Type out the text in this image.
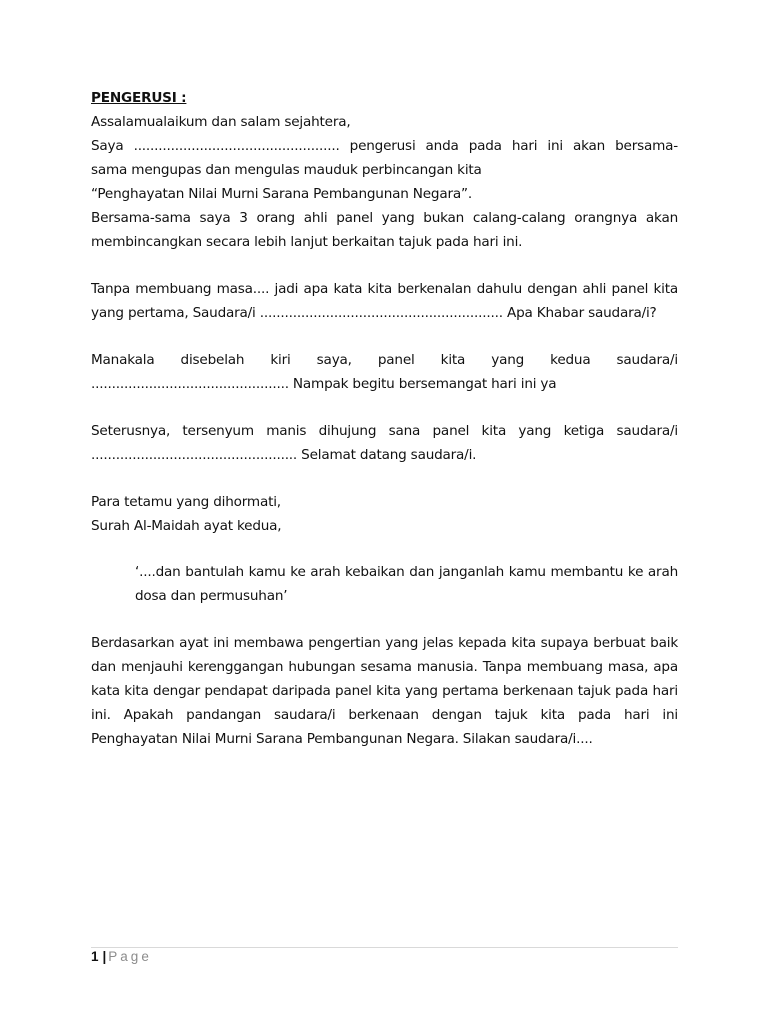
PENGERUSI :

Assalamualaikum dan salam sejahtera,
Saya .................................................. pengerusi anda pada hari ini akan bersama-
sama mengupas dan mengulas mauduk perbincangan kita
“Penghayatan Nilai Murni Sarana Pembangunan Negara”.
Bersama-sama saya 3 orang ahli panel yang bukan calang-calang orangnya akan
membincangkan secara lebih lanjut berkaitan tajuk pada hari ini.

Tanpa membuang masa.... jadi apa kata kita berkenalan dahulu dengan ahli panel kita yang pertama, Saudara/i ........................................................... Apa Khabar saudara/i?

Manakala disebelah kiri saya, panel kita yang kedua saudara/i ................................................ Nampak begitu bersemangat hari ini ya

Seterusnya, tersenyum manis dihujung sana panel kita yang ketiga saudara/i .................................................. Selamat datang saudara/i.

Para tetamu yang dihormati,

Surah Al-Maidah ayat kedua,

‘....dan bantulah kamu ke arah kebaikan dan janganlah kamu membantu ke arah dosa dan permusuhan’

Berdasarkan ayat ini membawa pengertian yang jelas kepada kita supaya berbuat baik dan menjauhi kerenggangan hubungan sesama manusia. Tanpa membuang masa, apa kata kita dengar pendapat daripada panel kita yang pertama berkenaan tajuk pada hari ini. Apakah pandangan saudara/i berkenaan dengan tajuk kita pada hari ini Penghayatan Nilai Murni Sarana Pembangunan Negara. Silakan saudara/i....

1 | Page
